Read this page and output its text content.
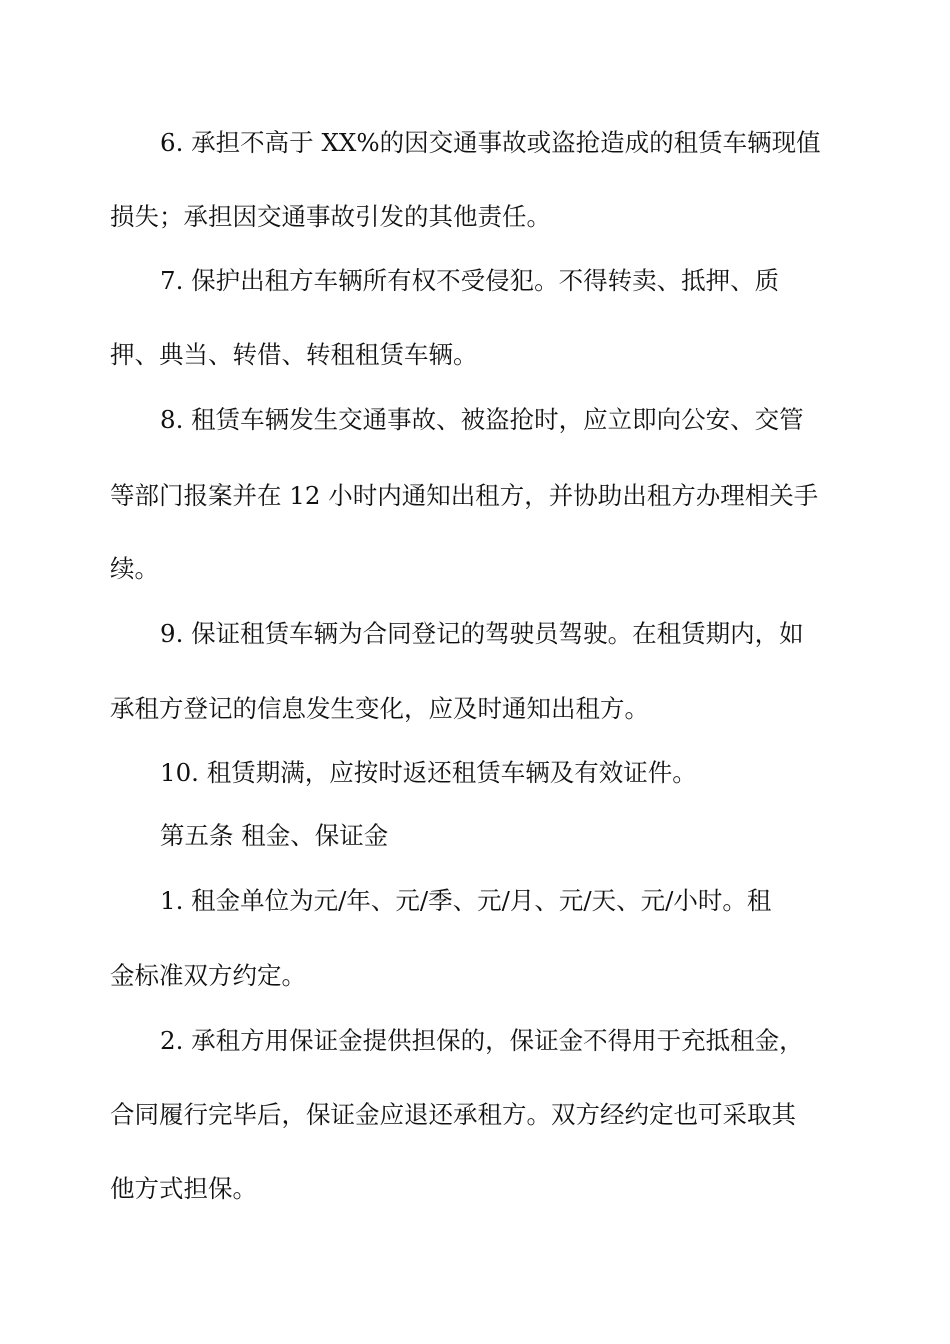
6. 承担不高于 XX%的因交通事故或盗抢造成的租赁车辆现值
损失；承担因交通事故引发的其他责任。
7. 保护出租方车辆所有权不受侵犯。不得转卖、抵押、质
押、典当、转借、转租租赁车辆。
8. 租赁车辆发生交通事故、被盗抢时，应立即向公安、交管
等部门报案并在 12 小时内通知出租方，并协助出租方办理相关手
续。
9. 保证租赁车辆为合同登记的驾驶员驾驶。在租赁期内，如
承租方登记的信息发生变化，应及时通知出租方。
10. 租赁期满，应按时返还租赁车辆及有效证件。
第五条 租金、保证金
1. 租金单位为元/年、元/季、元/月、元/天、元/小时。租
金标准双方约定。
2. 承租方用保证金提供担保的，保证金不得用于充抵租金，
合同履行完毕后，保证金应退还承租方。双方经约定也可采取其
他方式担保。
